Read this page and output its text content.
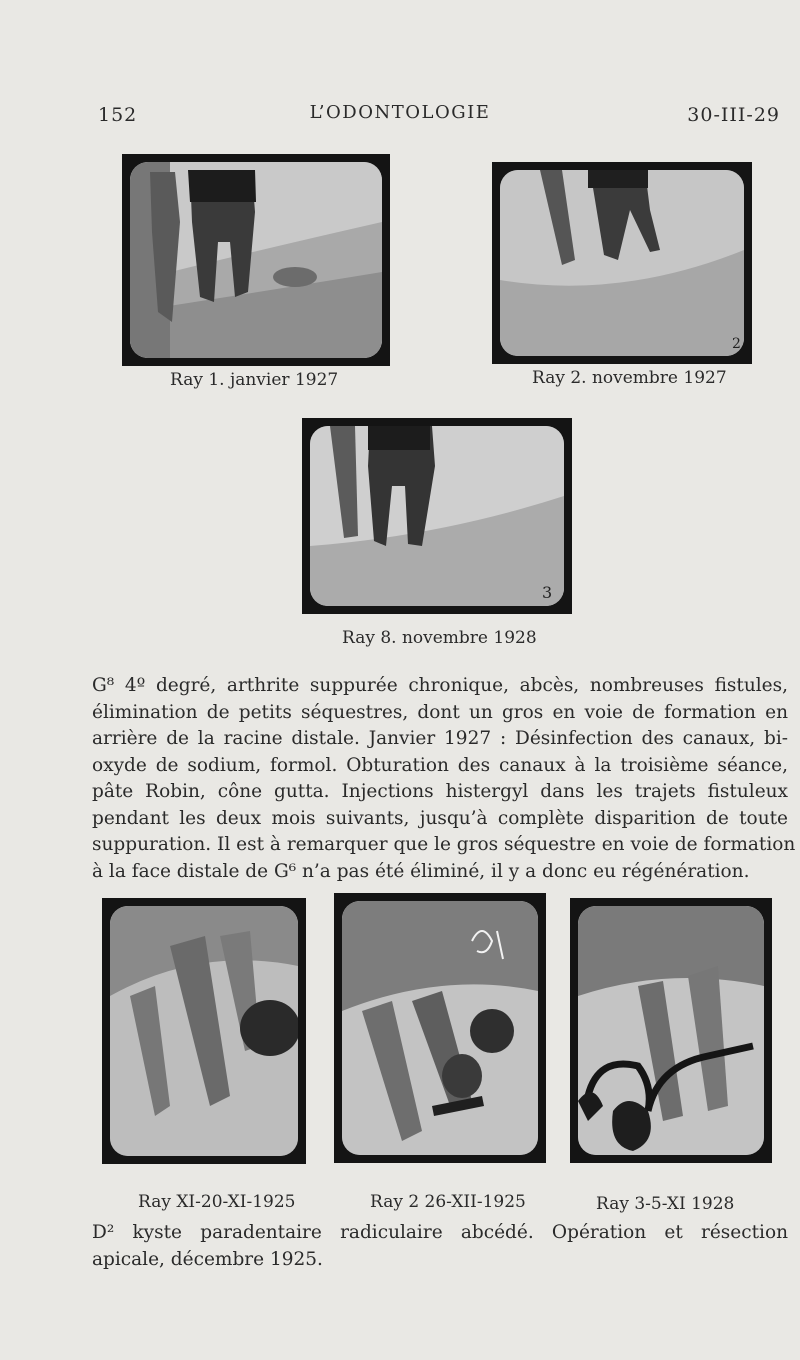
152	L’ODONTOLOGIE	30-III-29
Ray 1. janvier 1927
2
Ray 2. novembre 1927
3
Ray 8. novembre 1928
G⁸ 4º degré, arthrite suppurée chronique, abcès, nombreuses fistules,
élimination de petits séquestres, dont un gros en voie de formation en
arrière de la racine distale. Janvier 1927 : Désinfection des canaux, bi-
oxyde de sodium, formol. Obturation des canaux à la troisième séance,
pâte Robin, cône gutta. Injections histergyl dans les trajets fistuleux
pendant les deux mois suivants, jusqu’à complète disparition de toute
suppuration. Il est à remarquer que le gros séquestre en voie de formation
à la face distale de G⁶ n’a pas été éliminé, il y a donc eu régénération.
Ray XI-20-XI-1925	Ray 2 26-XII-1925	Ray 3-5-XI 1928
D² kyste paradentaire radiculaire abcédé. Opération et résection
apicale, décembre 1925.
